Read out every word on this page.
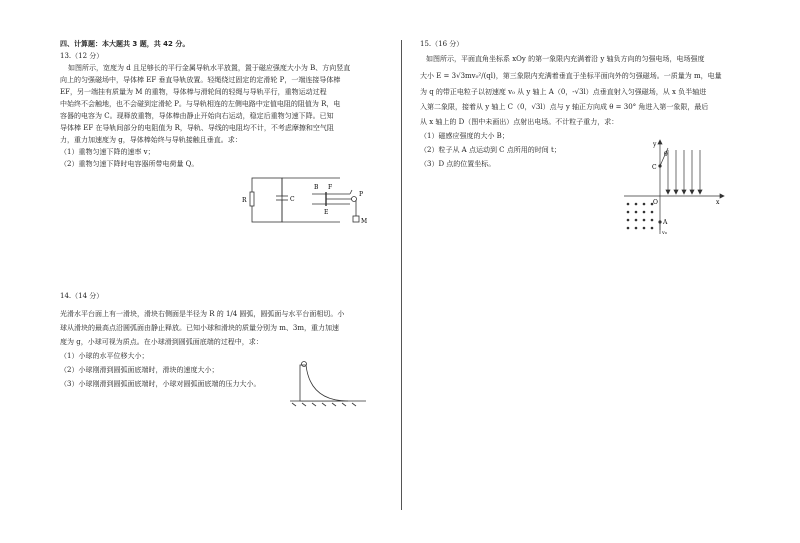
四、计算题：本大题共 3 题，共 42 分。
13.（12 分）
如图所示，宽度为 d 且足够长的平行金属导轨水平放置，置于磁应强度大小为 B、方向竖直
向上的匀强磁场中，导体棒 EF 垂直导轨放置。轻绳绕过固定的定滑轮 P，一端连接导体棒
EF，另一端挂有质量为 M 的重物，导体棒与滑轮间的轻绳与导轨平行，重物运动过程
中始终不会触地，也不会碰到定滑轮 P。与导轨相连的左侧电路中定值电阻的阻值为 R，电
容器的电容为 C。现释放重物，导体棒由静止开始向右运动，稳定后重物匀速下降。已知
导体棒 EF 在导轨间部分的电阻值为 R，导轨、导线的电阻均不计，不考虑摩擦和空气阻
力，重力加速度为 g，导体棒始终与导轨接触且垂直。求：
（1）重物匀速下降的速率 v；
（2）重物匀速下降时电容器所带电荷量 Q。
R	C
B F
E
P
M
14.（14 分）
光滑水平台面上有一滑块，滑块右侧面是半径为 R 的 1/4 圆弧，圆弧面与水平台面相切。小
球从滑块的最高点沿圆弧面由静止释放。已知小球和滑块的质量分别为 m、3m，重力加速
度为 g，小球可视为质点。在小球滑到圆弧面底端的过程中，求：
（1）小球的水平位移大小；
（2）小球刚滑到圆弧面底端时，滑块的速度大小；
（3）小球刚滑到圆弧面底端时，小球对圆弧面底端的压力大小。
15.（16 分）
如图所示，平面直角坐标系 xOy 的第一象限内充满着沿 y 轴负方向的匀强电场，电场强度
大小 E = 3√3mv₀²/(ql)，第三象限内充满着垂直于坐标平面向外的匀强磁场。一质量为 m，电量
为 q 的带正电粒子以初速度 v₀ 从 y 轴上 A（0，-√3l）点垂直射入匀强磁场，从 x 负半轴进
入第二象限，接着从 y 轴上 C（0，√3l）点与 y 轴正方向成 θ = 30° 角进入第一象限，最后
从 x 轴上的 D（图中未画出）点射出电场。不计粒子重力，求：
（1）磁感应强度的大小 B；
（2）粒子从 A 点运动到 C 点所用的时间 t；
（3）D 点的位置坐标。
y
x
O
C
A
θ
v₀
